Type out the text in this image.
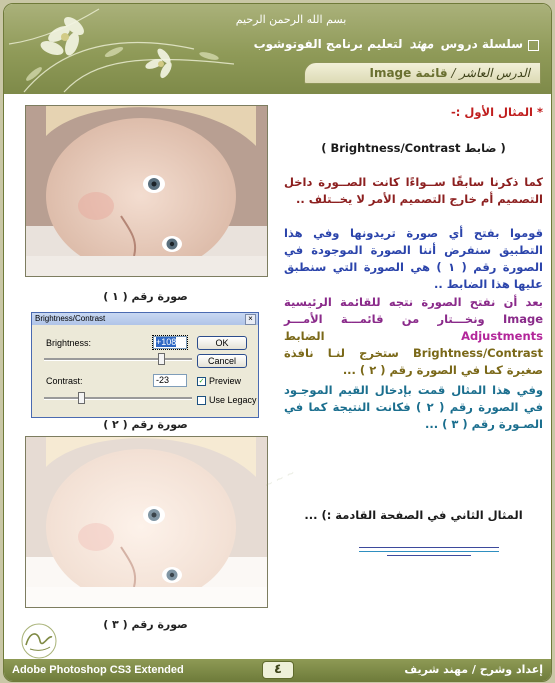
بسم الله الرحمن الرحيم
سلسلة دروس مهند لتعليم برنامج الفوتوشوب
الدرس العاشر / قائمة Image
صورة رقم ( ١ )
Brightness/Contrast	×
Brightness:	+108
Contrast:	-23
OK
Cancel
✓ Preview
Use Legacy
صورة رقم ( ٢ )
صورة رقم ( ٣ )
* المثال الأول :-
( ضابط Brightness/Contrast )
كما ذكرنا سابقًا ســواءًا كانت الصــورة داخل التصميم أم خارج التصميم الأمر لا يخــتلف ..
قوموا بفتح أي صورة تريدونها وفي هذا التطبيق سنفرض أننا الصورة الموجودة في الصورة رقم ( ١ ) هي الصورة التي سنطبق عليها هذا الضابط ..
بعد أن نفتح الصورة نتجه للقائمة الرئيسية Image ونخـــتار من قائمـــة الأمـــر Adjustments الضابط Brightness/Contrast ستخرج لنـا نافذة صغيرة كما في الصورة رقم ( ٢ ) ...
وفي هذا المثال قمت بإدخال القيم الموجـود في الصورة رقم ( ٢ ) فكانت النتيجة كما في الصـورة رقم ( ٣ ) ...
المثال الثاني في الصفحة القادمة :) ...
~ ~ ~
Adobe Photoshop CS3 Extended	٤	إعداد وشرح / مهند شريف
